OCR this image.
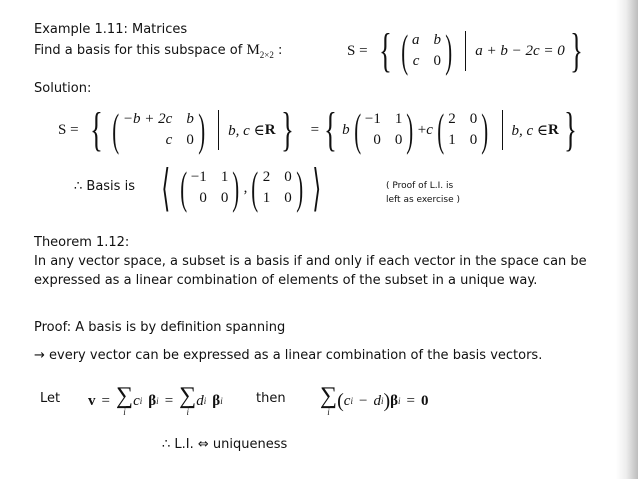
Example 1.11: Matrices
Find a basis for this subspace of $M_{2\times 2}$ :	S = { ( a b
c 0 ) a + b − 2c = 0 }
Solution:
S = { ( −b + 2c b
c 0 ) b, c ∈ R } = { b ( −1 1
0 0 ) + c ( 2 0
1 0 ) b, c ∈ R }
∴ Basis is ⟨ ( −1 1
0 0 ) , ( 2 0
1 0 ) ⟩	( Proof of L.I. is
left as exercise )
Theorem 1.12:
In any vector space, a subset is a basis if and only if each vector in the space can be
expressed as a linear combination of elements of the subset in a unique way.
Proof: A basis is by definition spanning
→ every vector can be expressed as a linear combination of the basis vectors.
Let v = ∑
i
c i β i = ∑
i
d i β i	then ∑
i
( c i − d i ) β i = 0
∴ L.I. ⇔ uniqueness
